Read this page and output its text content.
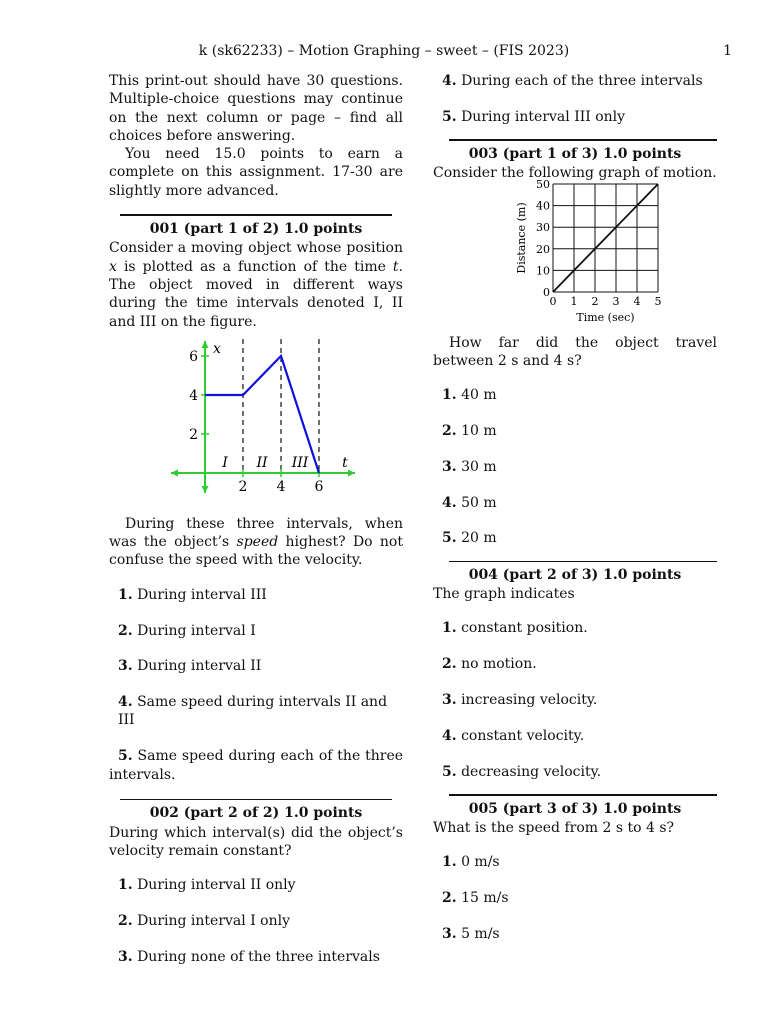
k (sk62233) – Motion Graphing – sweet – (FIS 2023)	1

This print-out should have 30 questions. Multiple-choice questions may continue on the next column or page – find all choices before answering.

You need 15.0 points to earn a complete on this assignment. 17-30 are slightly more advanced.

001 (part 1 of 2) 1.0 points

Consider a moving object whose position x is plotted as a function of the time t. The object moved in different ways during the time intervals denoted I, II and III on the figure.

2
4
6
2 4 6
x
t
I II III

During these three intervals, when was the object’s speed highest? Do not confuse the speed with the velocity.

1. During interval III
2. During interval I
3. During interval II
4. Same speed during intervals II and III
5. Same speed during each of the three intervals.
002 (part 2 of 2) 1.0 points

During which interval(s) did the object’s velocity remain constant?

1. During interval II only
2. During interval I only
3. During none of the three intervals
4. During each of the three intervals
5. During interval III only
003 (part 1 of 3) 1.0 points

Consider the following graph of motion.

0 1 2 3 4 5
0
10
20
30
40
50
Time (sec)
Distance (m)

How far did the object travel between 2 s and 4 s?

1. 40 m
2. 10 m
3. 30 m
4. 50 m
5. 20 m
004 (part 2 of 3) 1.0 points

The graph indicates

1. constant position.
2. no motion.
3. increasing velocity.
4. constant velocity.
5. decreasing velocity.
005 (part 3 of 3) 1.0 points

What is the speed from 2 s to 4 s?

1. 0 m/s
2. 15 m/s
3. 5 m/s
